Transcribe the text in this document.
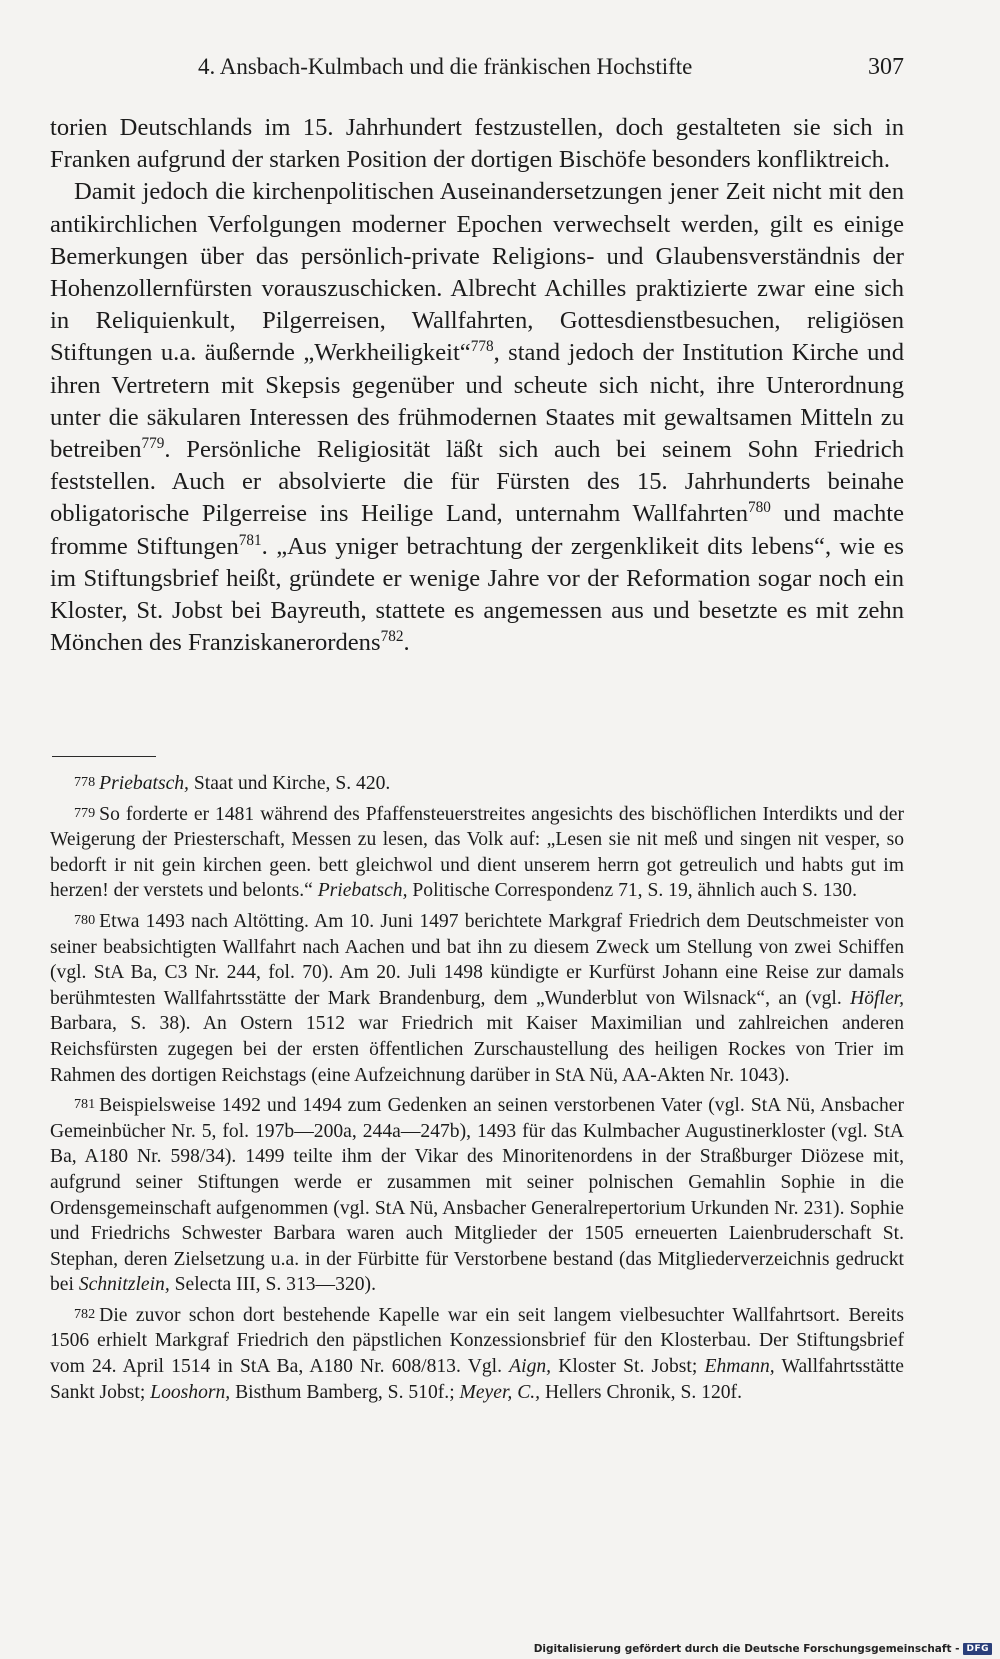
4. Ansbach-Kulmbach und die fränkischen Hochstifte	307

torien Deutschlands im 15. Jahrhundert festzustellen, doch gestalteten sie sich in Franken aufgrund der starken Position der dortigen Bischöfe besonders konfliktreich.

Damit jedoch die kirchenpolitischen Auseinandersetzungen jener Zeit nicht mit den antikirchlichen Verfolgungen moderner Epochen verwechselt werden, gilt es einige Bemerkungen über das persönlich-private Religions- und Glaubensverständnis der Hohenzollernfürsten vorauszuschicken. Albrecht Achilles praktizierte zwar eine sich in Reliquienkult, Pilgerreisen, Wallfahrten, Gottesdienstbesuchen, religiösen Stiftungen u.a. äußernde „Werkheiligkeit“$^{778}$, stand jedoch der Institution Kirche und ihren Vertretern mit Skepsis gegenüber und scheute sich nicht, ihre Unterordnung unter die säkularen Interessen des frühmodernen Staates mit gewaltsamen Mitteln zu betreiben$^{779}$. Persönliche Religiosität läßt sich auch bei seinem Sohn Friedrich feststellen. Auch er absolvierte die für Fürsten des 15. Jahrhunderts beinahe obligatorische Pilgerreise ins Heilige Land, unternahm Wallfahrten$^{780}$ und machte fromme Stiftungen$^{781}$. „Aus yniger betrachtung der zergenklikeit dits lebens“, wie es im Stiftungsbrief heißt, gründete er wenige Jahre vor der Reformation sogar noch ein Kloster, St. Jobst bei Bayreuth, stattete es angemessen aus und besetzte es mit zehn Mönchen des Franziskanerordens$^{782}$.

778 Priebatsch, Staat und Kirche, S. 420.

779 So forderte er 1481 während des Pfaffensteuerstreites angesichts des bischöflichen Interdikts und der Weigerung der Priesterschaft, Messen zu lesen, das Volk auf: „Lesen sie nit meß und singen nit vesper, so bedorft ir nit gein kirchen geen. bett gleichwol und dient unserem herrn got getreulich und habts gut im herzen! der verstets und belonts.“ Priebatsch, Politische Correspondenz 71, S. 19, ähnlich auch S. 130.

780 Etwa 1493 nach Altötting. Am 10. Juni 1497 berichtete Markgraf Friedrich dem Deutschmeister von seiner beabsichtigten Wallfahrt nach Aachen und bat ihn zu diesem Zweck um Stellung von zwei Schiffen (vgl. StA Ba, C3 Nr. 244, fol. 70). Am 20. Juli 1498 kündigte er Kurfürst Johann eine Reise zur damals berühmtesten Wallfahrtsstätte der Mark Brandenburg, dem „Wunderblut von Wilsnack“, an (vgl. Höfler, Barbara, S. 38). An Ostern 1512 war Friedrich mit Kaiser Maximilian und zahlreichen anderen Reichsfürsten zugegen bei der ersten öffentlichen Zurschaustellung des heiligen Rockes von Trier im Rahmen des dortigen Reichstags (eine Aufzeichnung darüber in StA Nü, AA-Akten Nr. 1043).

781 Beispielsweise 1492 und 1494 zum Gedenken an seinen verstorbenen Vater (vgl. StA Nü, Ansbacher Gemeinbücher Nr. 5, fol. 197b—200a, 244a—247b), 1493 für das Kulmbacher Augustinerkloster (vgl. StA Ba, A180 Nr. 598/34). 1499 teilte ihm der Vikar des Minoritenordens in der Straßburger Diözese mit, aufgrund seiner Stiftungen werde er zusammen mit seiner polnischen Gemahlin Sophie in die Ordensgemeinschaft aufgenommen (vgl. StA Nü, Ansbacher Generalrepertorium Urkunden Nr. 231). Sophie und Friedrichs Schwester Barbara waren auch Mitglieder der 1505 erneuerten Laienbruderschaft St. Stephan, deren Zielsetzung u.a. in der Fürbitte für Verstorbene bestand (das Mitgliederverzeichnis gedruckt bei Schnitzlein, Selecta III, S. 313—320).

782 Die zuvor schon dort bestehende Kapelle war ein seit langem vielbesuchter Wallfahrtsort. Bereits 1506 erhielt Markgraf Friedrich den päpstlichen Konzessionsbrief für den Klosterbau. Der Stiftungsbrief vom 24. April 1514 in StA Ba, A180 Nr. 608/813. Vgl. Aign, Kloster St. Jobst; Ehmann, Wallfahrtsstätte Sankt Jobst; Looshorn, Bisthum Bamberg, S. 510f.; Meyer, C., Hellers Chronik, S. 120f.

Digitalisierung gefördert durch die Deutsche Forschungsgemeinschaft - DFG
